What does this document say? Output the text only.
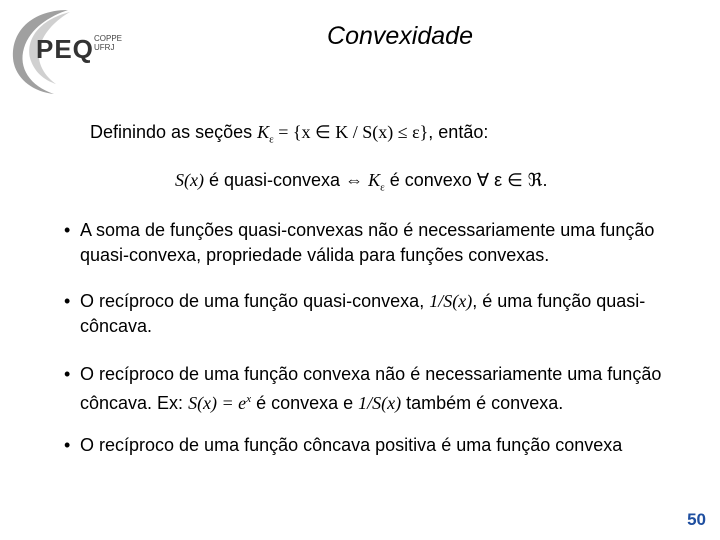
PEQ COPPE
UFRJ	Convexidade
Definindo as seções $K_\varepsilon = \{x$ ∈ K / S(x) ≤ ε}, então:
S(x) é quasi-convexa ⇔ $K_\varepsilon$ é convexo ∀ ε ∈ ℜ.
• A soma de funções quasi-convexas não é necessariamente uma função quasi-convexa, propriedade válida para funções convexas.
• O recíproco de uma função quasi-convexa, 1/S(x), é uma função quasi-côncava.
• O recíproco de uma função convexa não é necessariamente uma função côncava. Ex: $S(x) = e^x$ é convexa e 1/S(x) também é convexa.
• O recíproco de uma função côncava positiva é uma função convexa
50
